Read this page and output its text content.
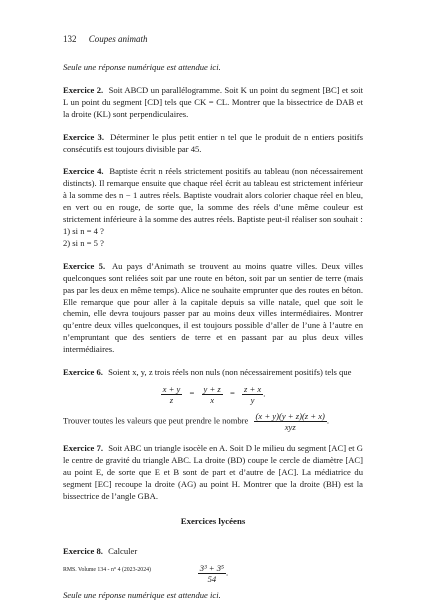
132 Coupes animath

Seule une réponse numérique est attendue ici.

Exercice 2. Soit ABCD un parallélogramme. Soit K un point du segment [BC] et soit L un point du segment [CD] tels que CK = CL. Montrer que la bissectrice de DAB et la droite (KL) sont perpendiculaires.

Exercice 3. Déterminer le plus petit entier n tel que le produit de n entiers positifs consécutifs est toujours divisible par 45.

Exercice 4. Baptiste écrit n réels strictement positifs au tableau (non nécessairement distincts). Il remarque ensuite que chaque réel écrit au tableau est strictement inférieur à la somme des n − 1 autres réels. Baptiste voudrait alors colorier chaque réel en bleu, en vert ou en rouge, de sorte que, la somme des réels d’une même couleur est strictement inférieure à la somme des autres réels. Baptiste peut-il réaliser son souhait :

1) si n = 4 ?

2) si n = 5 ?

Exercice 5. Au pays d’Animath se trouvent au moins quatre villes. Deux villes quelconques sont reliées soit par une route en béton, soit par un sentier de terre (mais pas par les deux en même temps). Alice ne souhaite emprunter que des routes en béton. Elle remarque que pour aller à la capitale depuis sa ville natale, quel que soit le chemin, elle devra toujours passer par au moins deux villes intermédiaires. Montrer qu’entre deux villes quelconques, il est toujours possible d’aller de l’une à l’autre en n’empruntant que des sentiers de terre et en passant par au plus deux villes intermédiaires.

Exercice 6. Soient x, y, z trois réels non nuls (non nécessairement positifs) tels que

$\frac{x + y}{z} = \frac{y + z}{x} = \frac{z + x}{y}$ .

Trouver toutes les valeurs que peut prendre le nombre $\frac{(x + y)(y + z)(z + x)}{\text{xyz}}$ .

Exercice 7. Soit ABC un triangle isocèle en A. Soit D le milieu du segment [AC] et G le centre de gravité du triangle ABC. La droite (BD) coupe le cercle de diamètre [AC] au point E, de sorte que E et B sont de part et d’autre de [AC]. La médiatrice du segment [EC] recoupe la droite (AG) au point H. Montrer que la droite (BH) est la bissectrice de l’angle GBA.

Exercices lycéens

Exercice 8. Calculer

$\frac{\text{3³ + 3⁵}}{54}$ .

Seule une réponse numérique est attendue ici.

RMS. Volume 134 - n° 4 (2023-2024)
